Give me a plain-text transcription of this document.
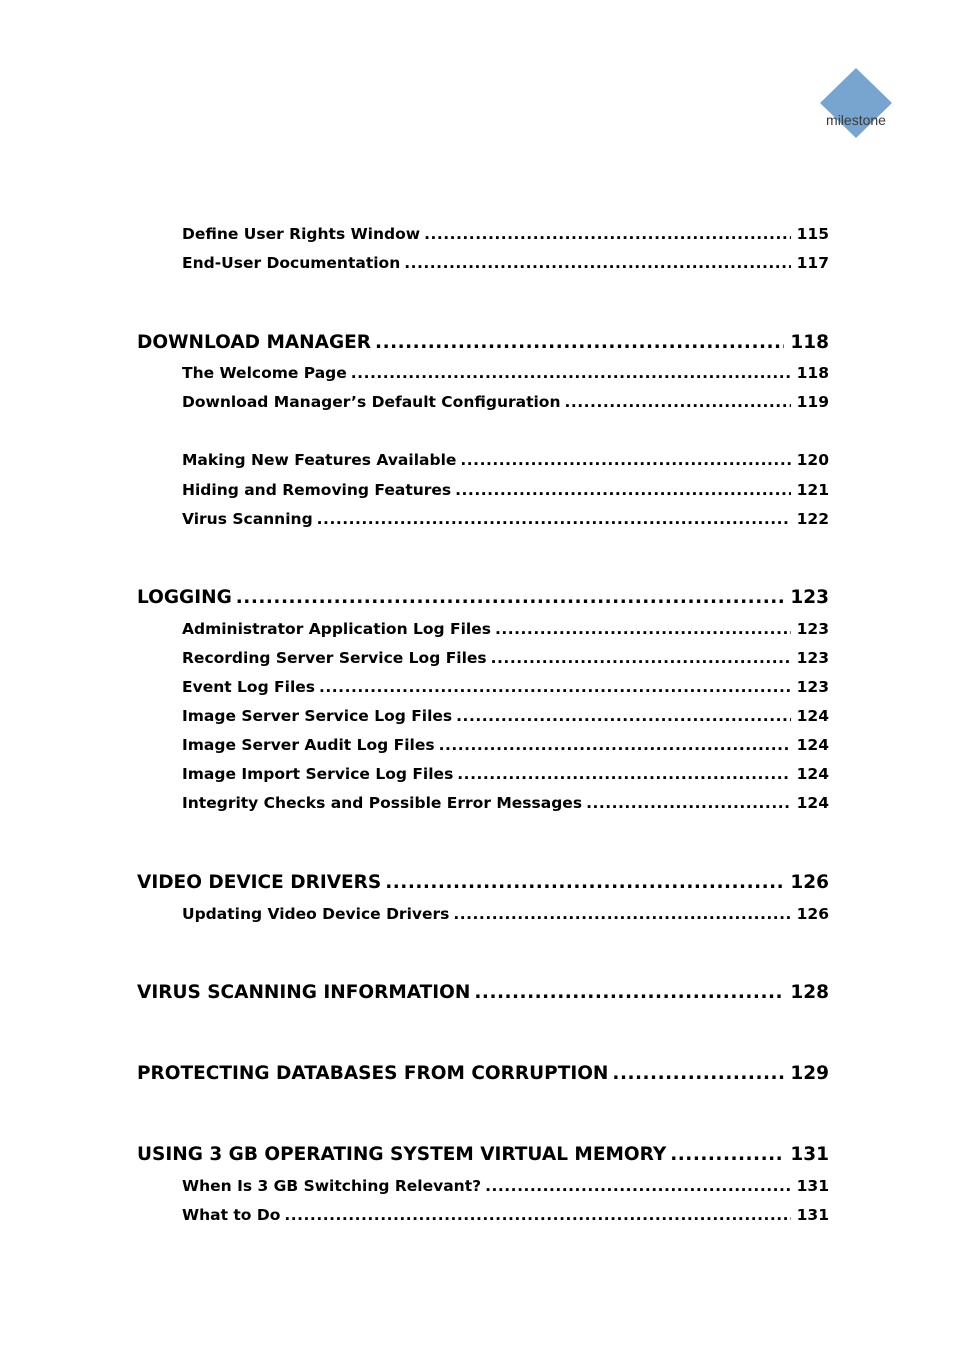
milestone
Define User Rights Window .....	115
End-User Documentation .....	117
DOWNLOAD MANAGER .....	118
The Welcome Page .....	118
Download Manager’s Default Configuration .....	119
Making New Features Available .....	120
Hiding and Removing Features .....	121
Virus Scanning .....	122
LOGGING .....	123
Administrator Application Log Files .....	123
Recording Server Service Log Files .....	123
Event Log Files .....	123
Image Server Service Log Files .....	124
Image Server Audit Log Files .....	124
Image Import Service Log Files .....	124
Integrity Checks and Possible Error Messages .....	124
VIDEO DEVICE DRIVERS .....	126
Updating Video Device Drivers .....	126
VIRUS SCANNING INFORMATION .....	128
PROTECTING DATABASES FROM CORRUPTION .....	129
USING 3 GB OPERATING SYSTEM VIRTUAL MEMORY .....	131
When Is 3 GB Switching Relevant? .....	131
What to Do .....	131
